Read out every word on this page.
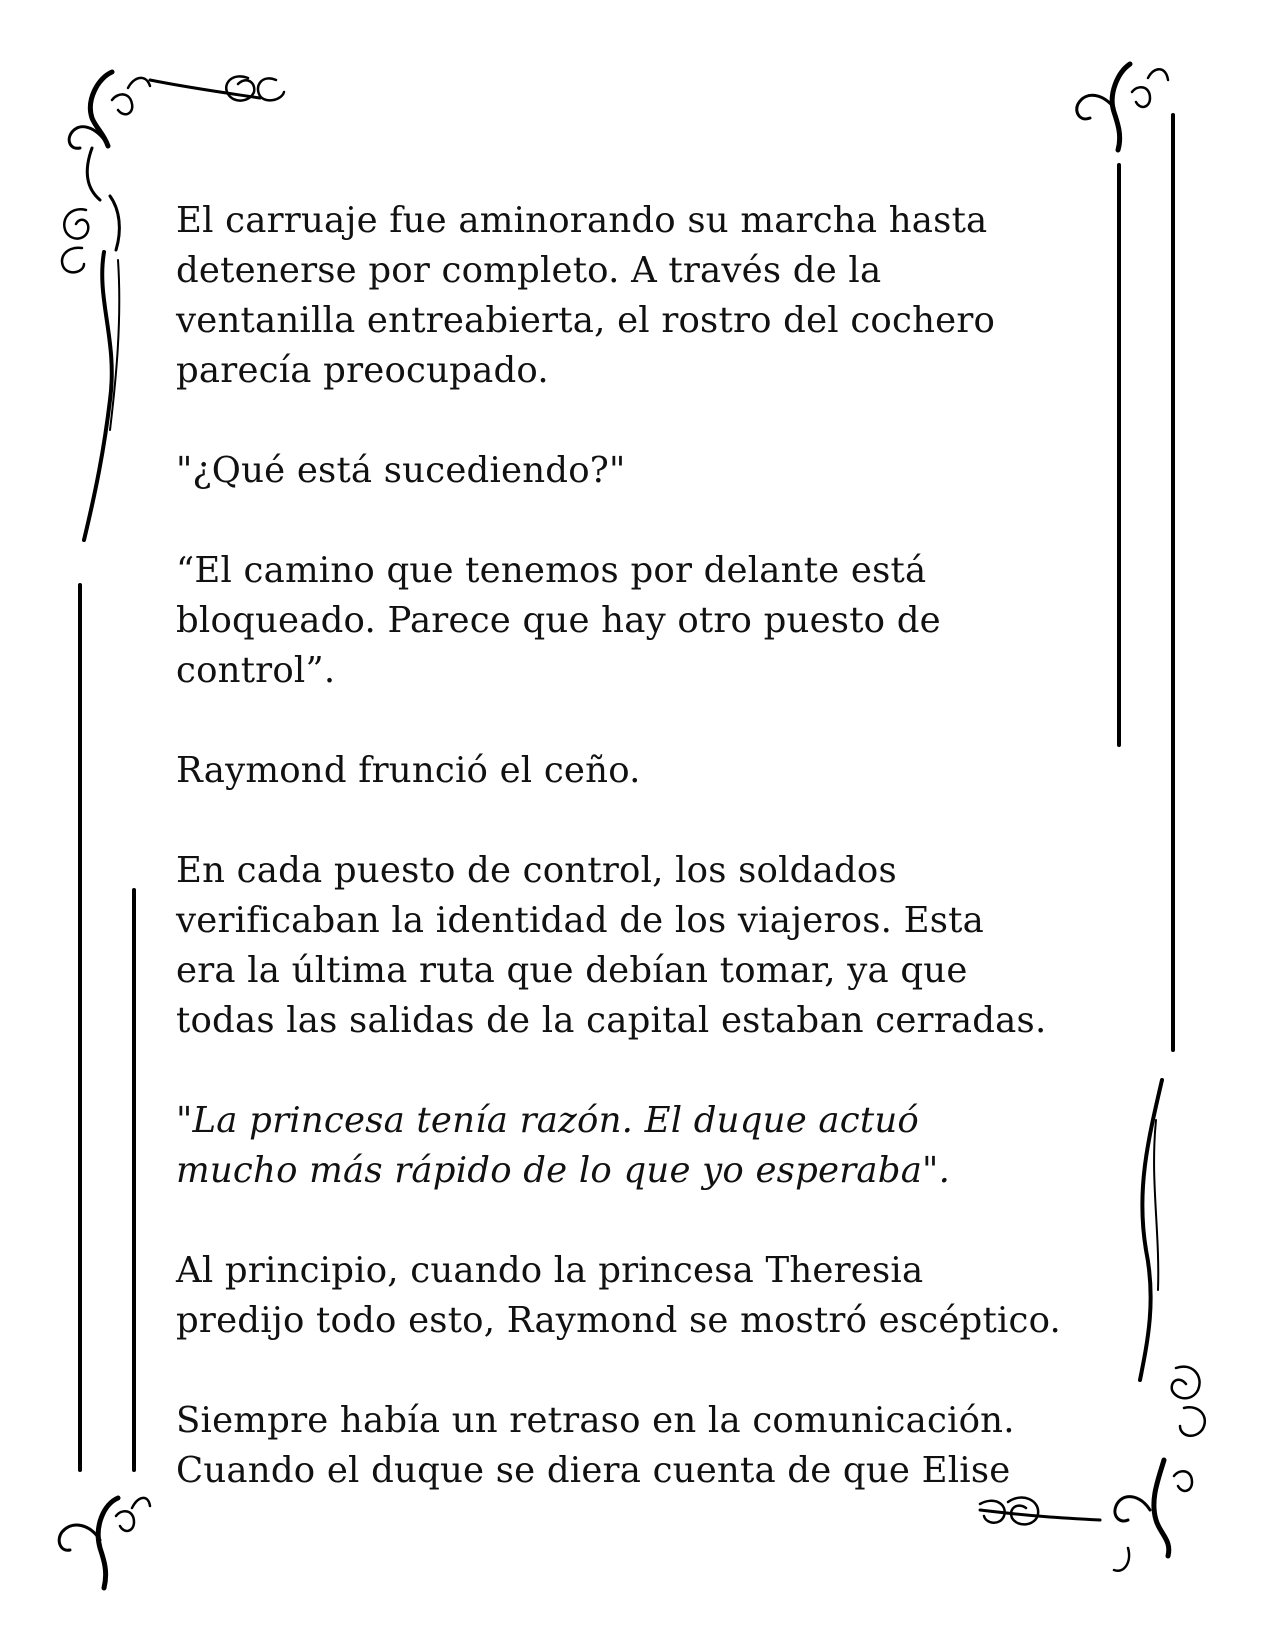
El carruaje fue aminorando su marcha hasta
detenerse por completo. A través de la
ventanilla entreabierta, el rostro del cochero
parecía preocupado.

"¿Qué está sucediendo?"

“El camino que tenemos por delante está
bloqueado. Parece que hay otro puesto de
control”.

Raymond frunció el ceño.

En cada puesto de control, los soldados
verificaban la identidad de los viajeros. Esta
era la última ruta que debían tomar, ya que
todas las salidas de la capital estaban cerradas.

"La princesa tenía razón. El duque actuó
mucho más rápido de lo que yo esperaba".

Al principio, cuando la princesa Theresia
predijo todo esto, Raymond se mostró escéptico.

Siempre había un retraso en la comunicación.
Cuando el duque se diera cuenta de que Elise
